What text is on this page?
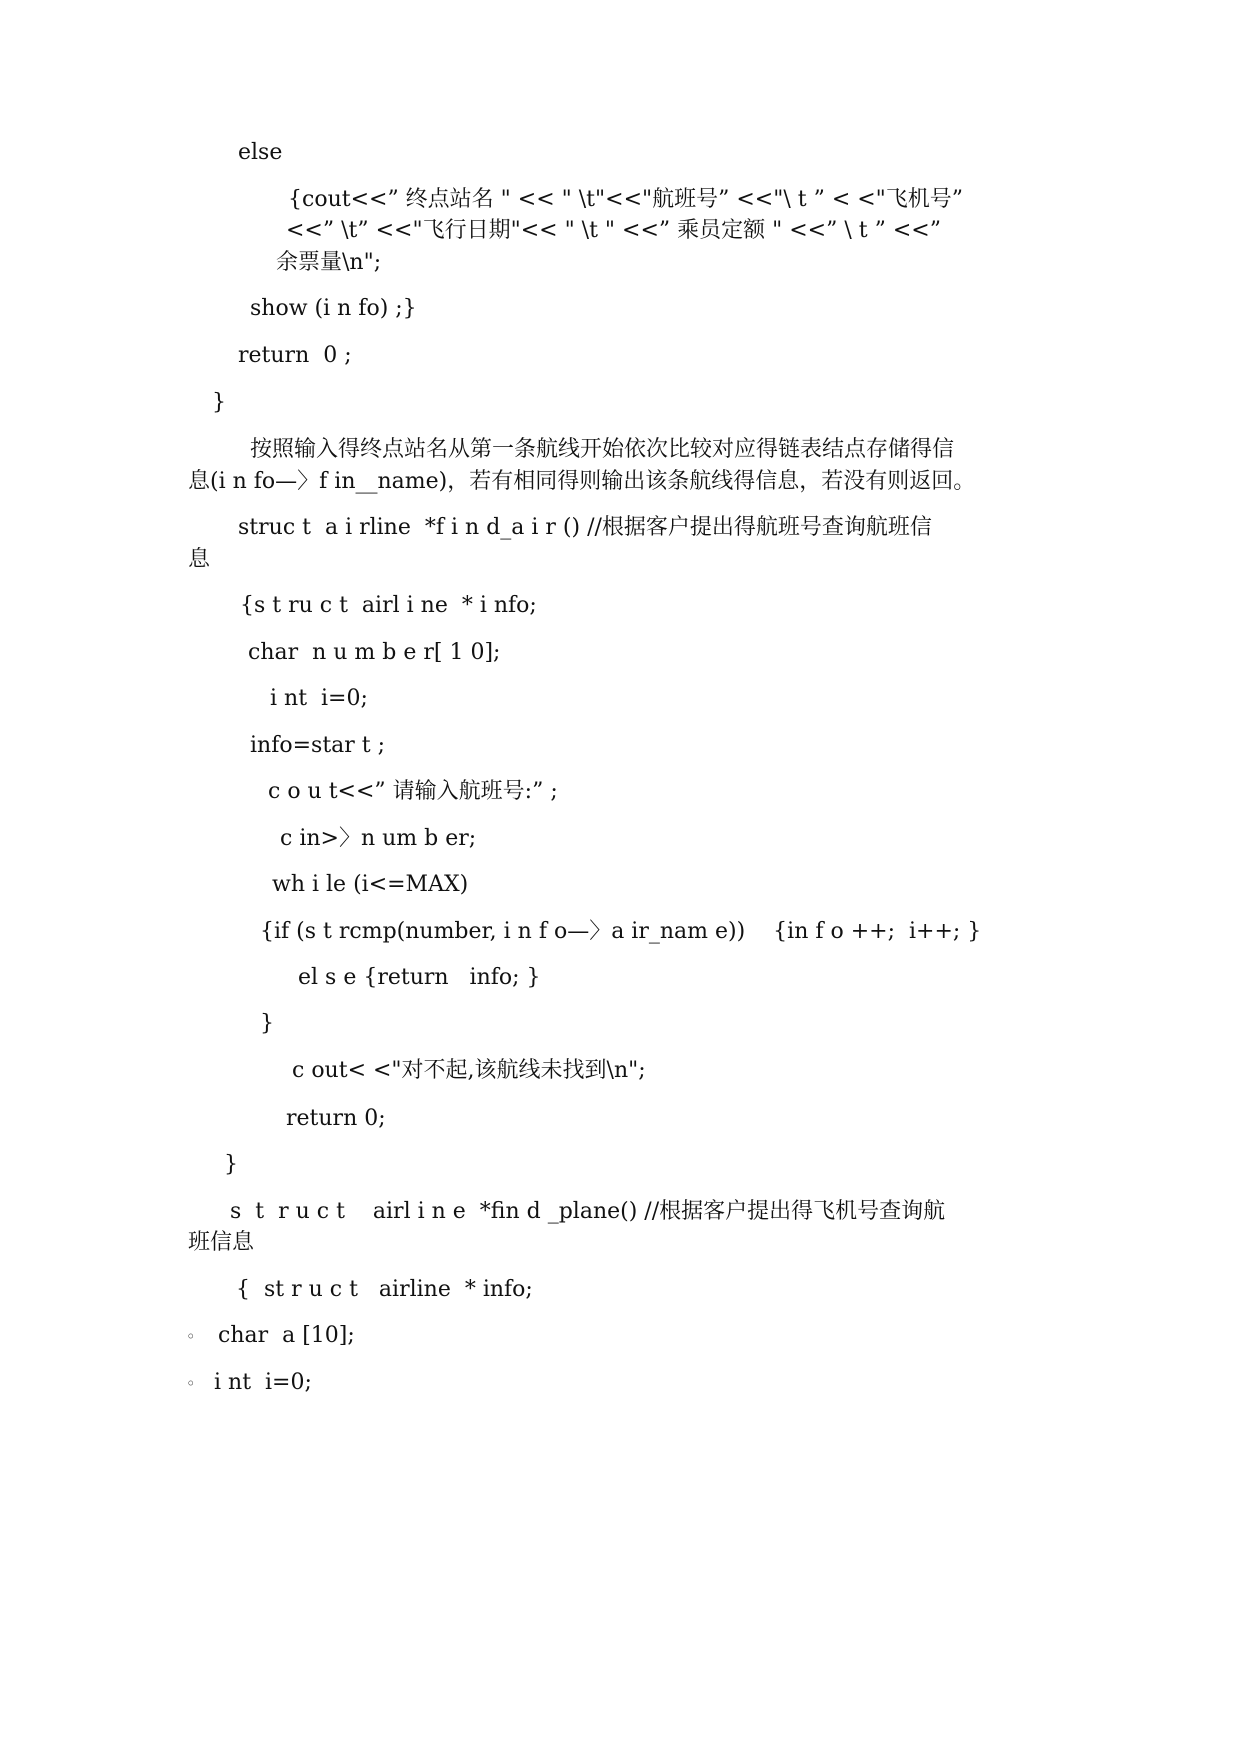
else

{cout<<” 终点站名 " << " \t"<<"航班号” <<"\ t ” < <"飞机号”

<<” \t” <<"飞行日期"<< " \t " <<” 乘员定额 " <<” \ t ” <<”

余票量\n";

show (i n fo) ;}

return  0 ;

}

按照输入得终点站名从第一条航线开始依次比较对应得链表结点存储得信

息(i n fo—〉f in__name)，若有相同得则输出该条航线得信息，若没有则返回。

struc t  a i rline  *f i n d_a i r () //根据客户提出得航班号查询航班信

息

{s t ru c t  airl i ne  * i nfo;

char  n u m b e r[ 1 0];

i nt  i=0;

info=star t ;

c o u t<<” 请输入航班号:” ;

c in>〉n um b er;

wh i le (i<=MAX)

{if (s t rcmp(number, i n f o—〉a ir_nam e))    {in f o ++;  i++; }

el s e {return   info; }

}

c out< <"对不起,该航线未找到\n";

return 0;

}

s  t  r u c t    airl i n e  *fin d _plane() //根据客户提出得飞机号查询航

班信息

{  st r u c t   airline  * info;

◦ char  a [10];

◦ i nt  i=0;
